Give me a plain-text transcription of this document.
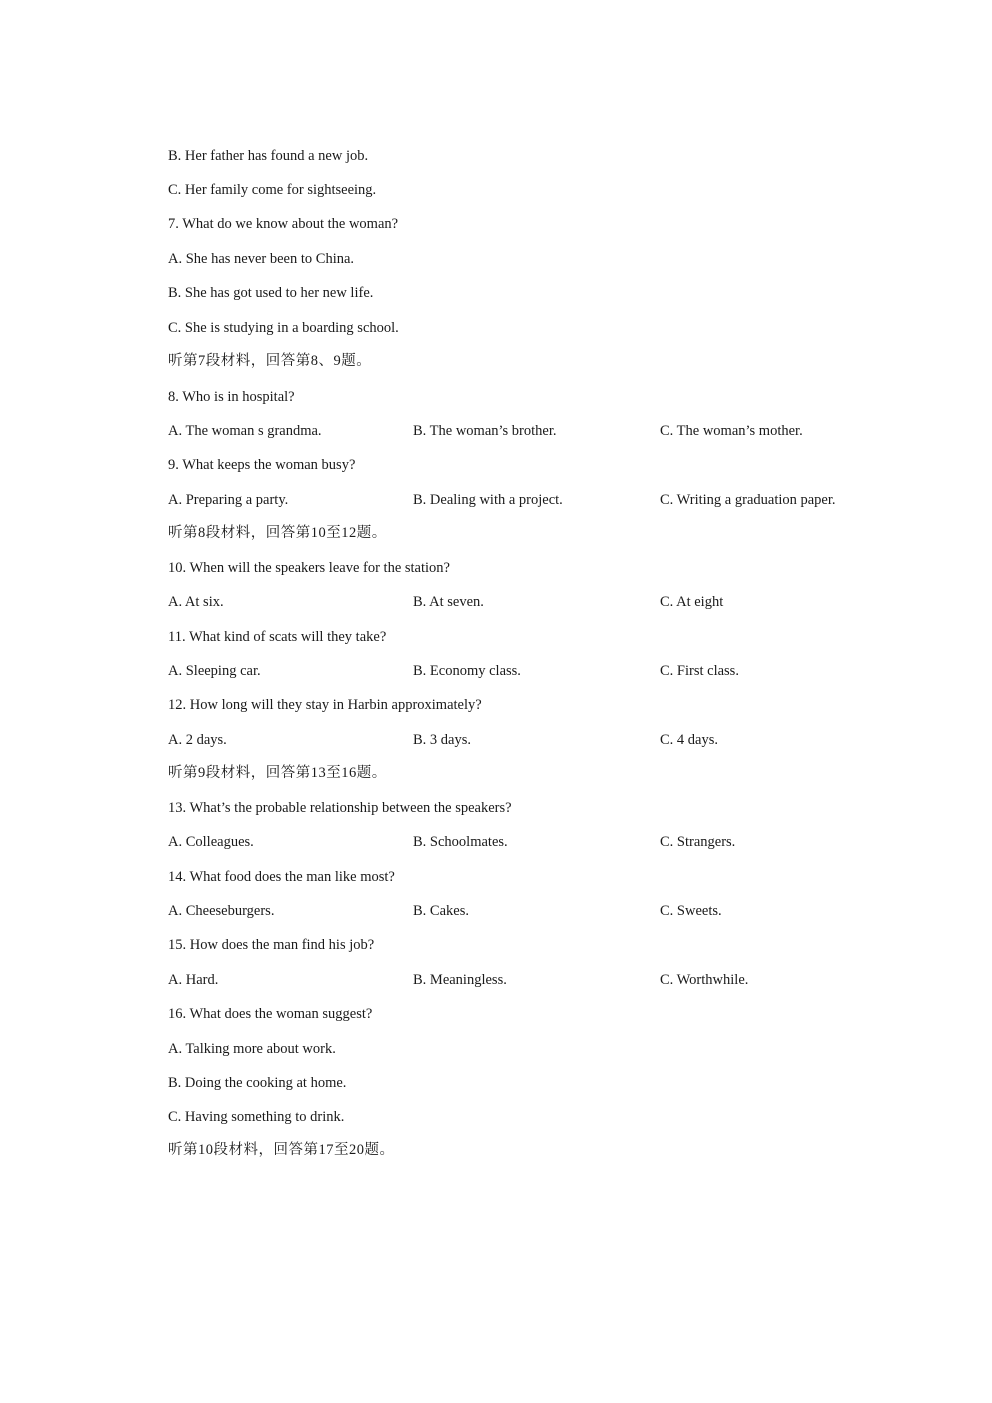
B. Her father has found a new job.
C. Her family come for sightseeing.
7. What do we know about the woman?
A. She has never been to China.
B. She has got used to her new life.
C. She is studying in a boarding school.
听第7段材料，回答第8、9题。
8. Who is in hospital?
A. The woman s grandma.	B. The woman’s brother.	C. The woman’s mother.
9. What keeps the woman busy?
A. Preparing a party.	B. Dealing with a project.	C. Writing a graduation paper.
听第8段材料，回答第10至12题。
10. When will the speakers leave for the station?
A. At six.	B. At seven.	C. At eight
11. What kind of scats will they take?
A. Sleeping car.	B. Economy class.	C. First class.
12. How long will they stay in Harbin approximately?
A. 2 days.	B. 3 days.	C. 4 days.
听第9段材料，回答第13至16题。
13. What’s the probable relationship between the speakers?
A. Colleagues.	B. Schoolmates.	C. Strangers.
14. What food does the man like most?
A. Cheeseburgers.	B. Cakes.	C. Sweets.
15. How does the man find his job?
A. Hard.	B. Meaningless.	C. Worthwhile.
16. What does the woman suggest?
A. Talking more about work.
B. Doing the cooking at home.
C. Having something to drink.
听第10段材料，回答第17至20题。
